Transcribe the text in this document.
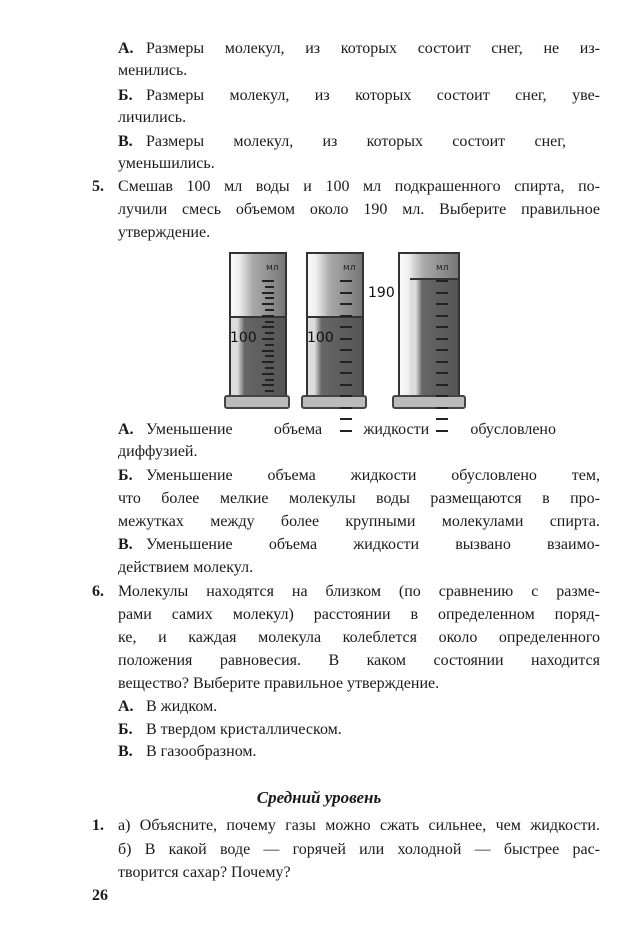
А. Размеры молекул, из которых состоит снег, не из-
менились.
Б. Размеры молекул, из которых состоит снег, уве-
личились.
В. Размеры молекул, из которых состоит снег,
уменьшились.
5. Смешав 100 мл воды и 100 мл подкрашенного спирта, по-
лучили смесь объемом около 190 мл. Выберите правильное
утверждение.
мл	мл	мл
100	100
190
А. Уменьшение объема жидкости обусловлено
диффузией.
Б. Уменьшение объема жидкости обусловлено тем,
что более мелкие молекулы воды размещаются в про-
межутках между более крупными молекулами спирта.
В. Уменьшение объема жидкости вызвано взаимо-
действием молекул.
6. Молекулы находятся на близком (по сравнению с разме-
рами самих молекул) расстоянии в определенном поряд-
ке, и каждая молекула колеблется около определенного
положения равновесия. В каком состоянии находится
вещество? Выберите правильное утверждение.
А. В жидком.
Б. В твердом кристаллическом.
В. В газообразном.
Средний уровень
1. а) Объясните, почему газы можно сжать сильнее, чем жидкости.
б) В какой воде — горячей или холодной — быстрее рас-
творится сахар? Почему?
26
